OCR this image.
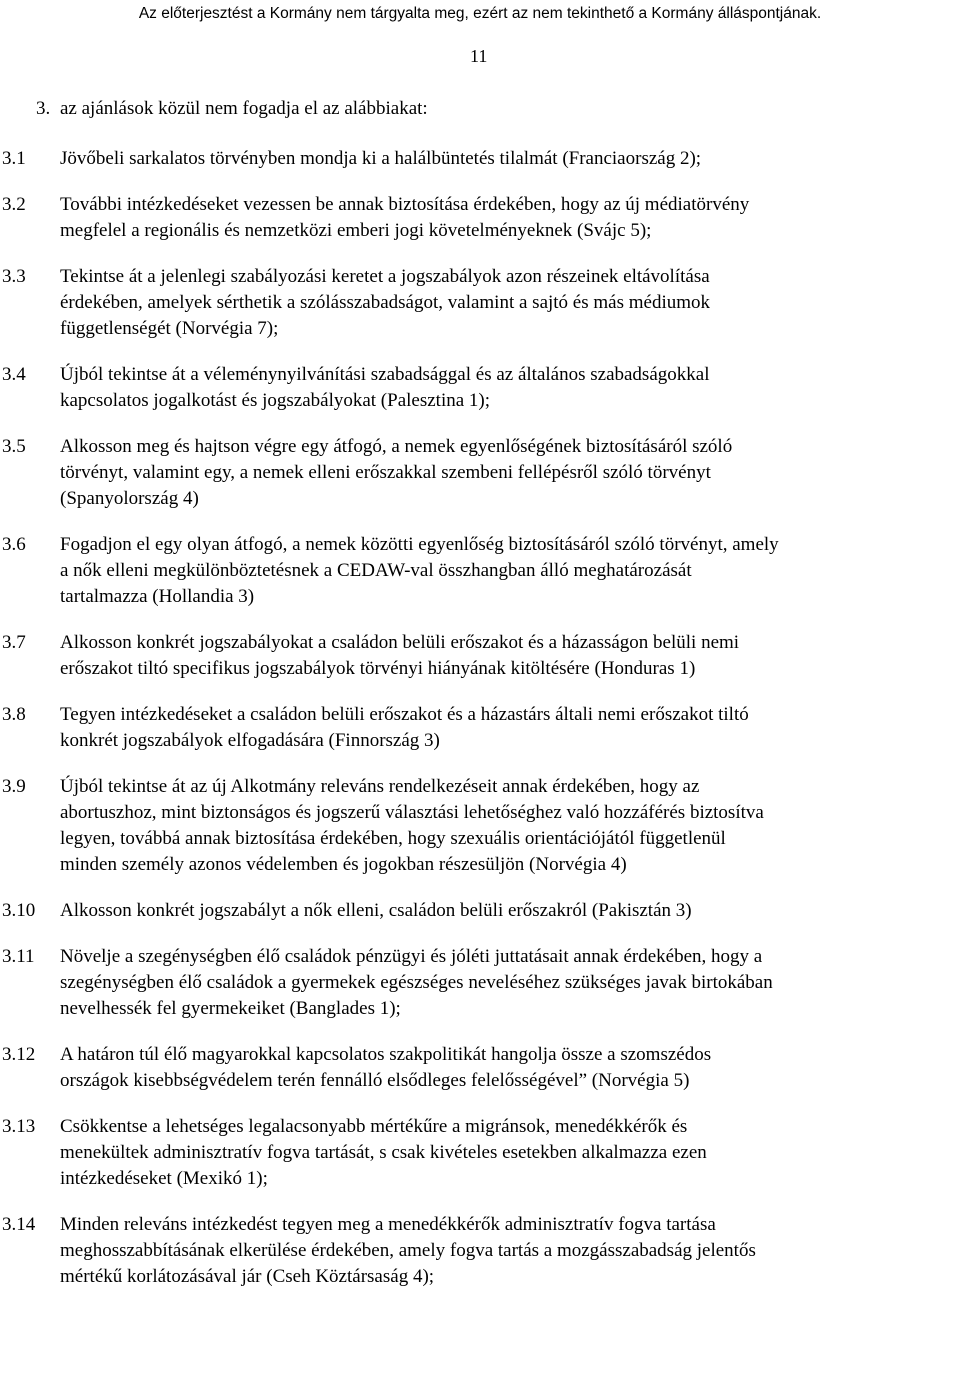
Az előterjesztést a Kormány nem tárgyalta meg, ezért az nem tekinthető a Kormány álláspontjának.
11
3. az ajánlások közül nem fogadja el az alábbiakat:
3.1 Jövőbeli sarkalatos törvényben mondja ki a halálbüntetés tilalmát (Franciaország 2);
3.2 További intézkedéseket vezessen be annak biztosítása érdekében, hogy az új médiatörvény
megfelel a regionális és nemzetközi emberi jogi követelményeknek (Svájc 5);
3.3 Tekintse át a jelenlegi szabályozási keretet a jogszabályok azon részeinek eltávolítása
érdekében, amelyek sérthetik a szólásszabadságot, valamint a sajtó és más médiumok
függetlenségét (Norvégia 7);
3.4 Újból tekintse át a véleménynyilvánítási szabadsággal és az általános szabadságokkal
kapcsolatos jogalkotást és jogszabályokat (Palesztina 1);
3.5 Alkosson meg és hajtson végre egy átfogó, a nemek egyenlőségének biztosításáról szóló
törvényt, valamint egy, a nemek elleni erőszakkal szembeni fellépésről szóló törvényt
(Spanyolország 4)
3.6 Fogadjon el egy olyan átfogó, a nemek közötti egyenlőség biztosításáról szóló törvényt, amely
a nők elleni megkülönböztetésnek a CEDAW-val összhangban álló meghatározását
tartalmazza (Hollandia 3)
3.7 Alkosson konkrét jogszabályokat a családon belüli erőszakot és a házasságon belüli nemi
erőszakot tiltó specifikus jogszabályok törvényi hiányának kitöltésére (Honduras 1)
3.8 Tegyen intézkedéseket a családon belüli erőszakot és a házastárs általi nemi erőszakot tiltó
konkrét jogszabályok elfogadására (Finnország 3)
3.9 Újból tekintse át az új Alkotmány releváns rendelkezéseit annak érdekében, hogy az
abortuszhoz, mint biztonságos és jogszerű választási lehetőséghez való hozzáférés biztosítva
legyen, továbbá annak biztosítása érdekében, hogy szexuális orientációjától függetlenül
minden személy azonos védelemben és jogokban részesüljön (Norvégia 4)
3.10 Alkosson konkrét jogszabályt a nők elleni, családon belüli erőszakról (Pakisztán 3)
3.11 Növelje a szegénységben élő családok pénzügyi és jóléti juttatásait annak érdekében, hogy a
szegénységben élő családok a gyermekek egészséges neveléséhez szükséges javak birtokában
nevelhessék fel gyermekeiket (Banglades 1);
3.12 A határon túl élő magyarokkal kapcsolatos szakpolitikát hangolja össze a szomszédos
országok kisebbségvédelem terén fennálló elsődleges felelősségével” (Norvégia 5)
3.13 Csökkentse a lehetséges legalacsonyabb mértékűre a migránsok, menedékkérők és
menekültek adminisztratív fogva tartását, s csak kivételes esetekben alkalmazza ezen
intézkedéseket (Mexikó 1);
3.14 Minden releváns intézkedést tegyen meg a menedékkérők adminisztratív fogva tartása
meghosszabbításának elkerülése érdekében, amely fogva tartás a mozgásszabadság jelentős
mértékű korlátozásával jár (Cseh Köztársaság 4);
